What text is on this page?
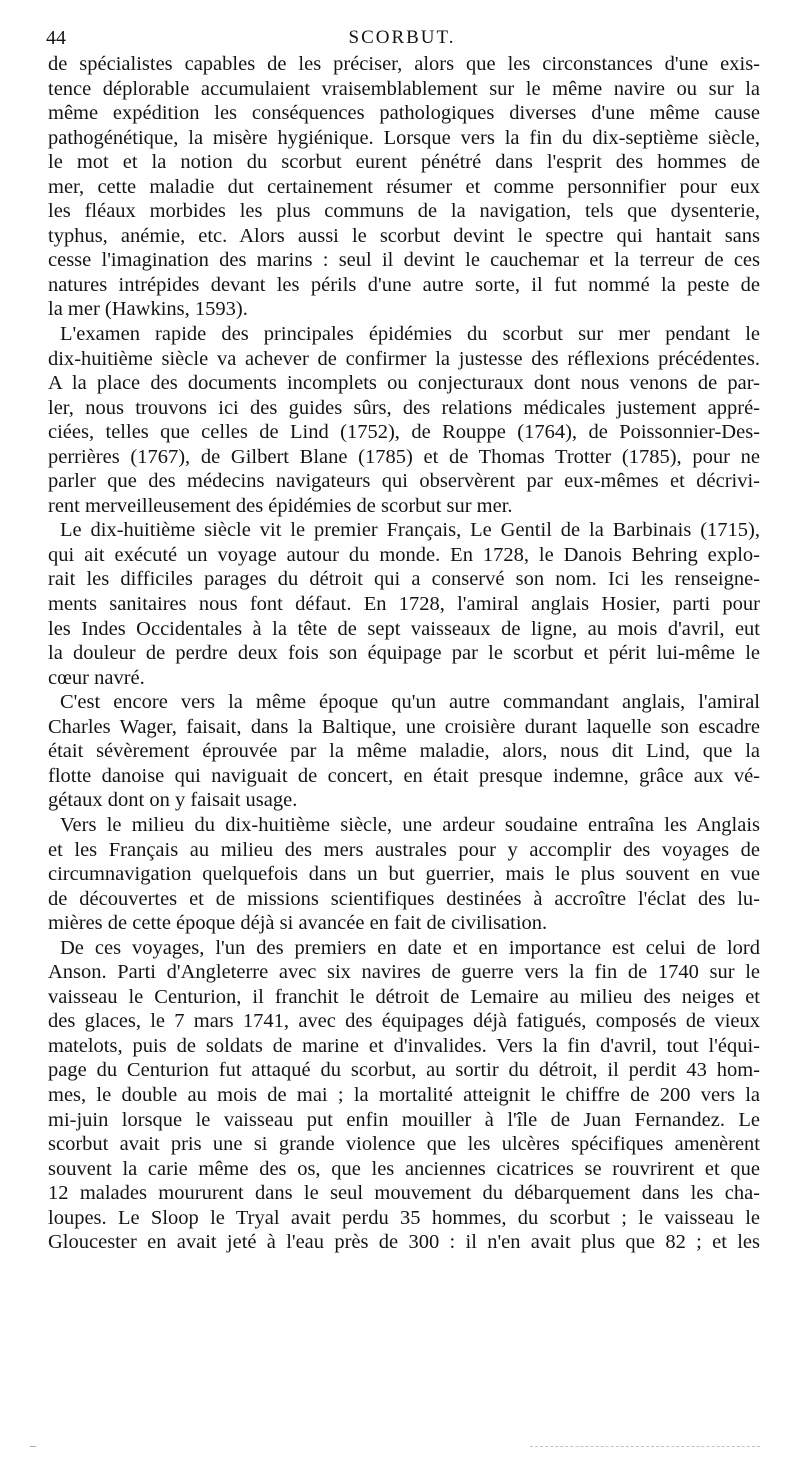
44	SCORBUT.
de spécialistes capables de les préciser, alors que les circonstances d'une exis-
tence déplorable accumulaient vraisemblablement sur le même navire ou sur la
même expédition les conséquences pathologiques diverses d'une même cause
pathogénétique, la misère hygiénique. Lorsque vers la fin du dix-septième siècle,
le mot et la notion du scorbut eurent pénétré dans l'esprit des hommes de
mer, cette maladie dut certainement résumer et comme personnifier pour eux
les fléaux morbides les plus communs de la navigation, tels que dysenterie,
typhus, anémie, etc. Alors aussi le scorbut devint le spectre qui hantait sans
cesse l'imagination des marins : seul il devint le cauchemar et la terreur de ces
natures intrépides devant les périls d'une autre sorte, il fut nommé la peste de
la mer (Hawkins, 1593).
L'examen rapide des principales épidémies du scorbut sur mer pendant le
dix-huitième siècle va achever de confirmer la justesse des réflexions précédentes.
A la place des documents incomplets ou conjecturaux dont nous venons de par-
ler, nous trouvons ici des guides sûrs, des relations médicales justement appré-
ciées, telles que celles de Lind (1752), de Rouppe (1764), de Poissonnier-Des-
perrières (1767), de Gilbert Blane (1785) et de Thomas Trotter (1785), pour ne
parler que des médecins navigateurs qui observèrent par eux-mêmes et décrivi-
rent merveilleusement des épidémies de scorbut sur mer.
Le dix-huitième siècle vit le premier Français, Le Gentil de la Barbinais (1715),
qui ait exécuté un voyage autour du monde. En 1728, le Danois Behring explo-
rait les difficiles parages du détroit qui a conservé son nom. Ici les renseigne-
ments sanitaires nous font défaut. En 1728, l'amiral anglais Hosier, parti pour
les Indes Occidentales à la tête de sept vaisseaux de ligne, au mois d'avril, eut
la douleur de perdre deux fois son équipage par le scorbut et périt lui-même le
cœur navré.
C'est encore vers la même époque qu'un autre commandant anglais, l'amiral
Charles Wager, faisait, dans la Baltique, une croisière durant laquelle son escadre
était sévèrement éprouvée par la même maladie, alors, nous dit Lind, que la
flotte danoise qui naviguait de concert, en était presque indemne, grâce aux vé-
gétaux dont on y faisait usage.
Vers le milieu du dix-huitième siècle, une ardeur soudaine entraîna les Anglais
et les Français au milieu des mers australes pour y accomplir des voyages de
circumnavigation quelquefois dans un but guerrier, mais le plus souvent en vue
de découvertes et de missions scientifiques destinées à accroître l'éclat des lu-
mières de cette époque déjà si avancée en fait de civilisation.
De ces voyages, l'un des premiers en date et en importance est celui de lord
Anson. Parti d'Angleterre avec six navires de guerre vers la fin de 1740 sur le
vaisseau le Centurion, il franchit le détroit de Lemaire au milieu des neiges et
des glaces, le 7 mars 1741, avec des équipages déjà fatigués, composés de vieux
matelots, puis de soldats de marine et d'invalides. Vers la fin d'avril, tout l'équi-
page du Centurion fut attaqué du scorbut, au sortir du détroit, il perdit 43 hom-
mes, le double au mois de mai ; la mortalité atteignit le chiffre de 200 vers la
mi-juin lorsque le vaisseau put enfin mouiller à l'île de Juan Fernandez. Le
scorbut avait pris une si grande violence que les ulcères spécifiques amenèrent
souvent la carie même des os, que les anciennes cicatrices se rouvrirent et que
12 malades moururent dans le seul mouvement du débarquement dans les cha-
loupes. Le Sloop le Tryal avait perdu 35 hommes, du scorbut ; le vaisseau le
Gloucester en avait jeté à l'eau près de 300 : il n'en avait plus que 82 ; et les
